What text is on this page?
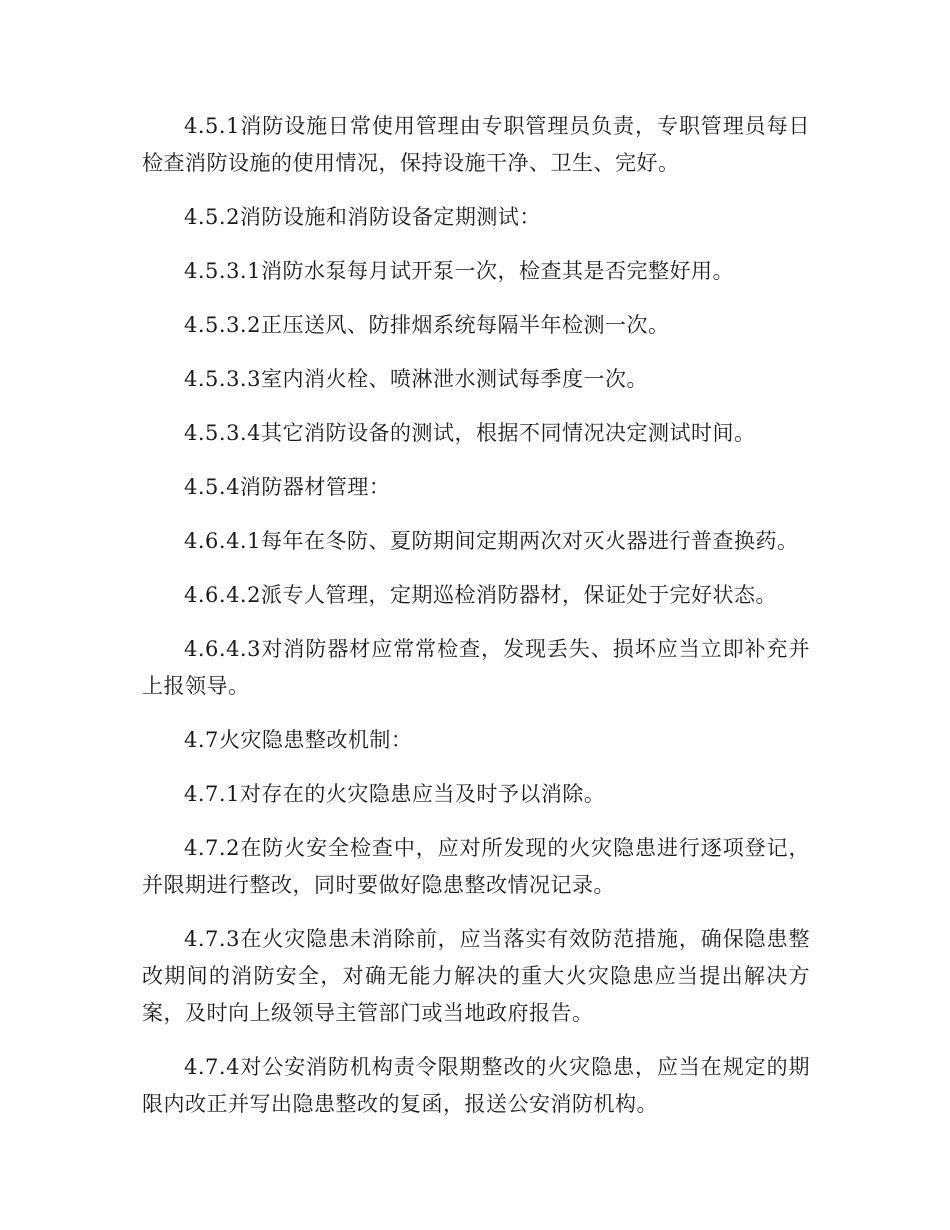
4.5.1消防设施日常使用管理由专职管理员负责，专职管理员每日检查消防设施的使用情况，保持设施干净、卫生、完好。

4.5.2消防设施和消防设备定期测试：

4.5.3.1消防水泵每月试开泵一次，检查其是否完整好用。

4.5.3.2正压送风、防排烟系统每隔半年检测一次。

4.5.3.3室内消火栓、喷淋泄水测试每季度一次。

4.5.3.4其它消防设备的测试，根据不同情况决定测试时间。

4.5.4消防器材管理：

4.6.4.1每年在冬防、夏防期间定期两次对灭火器进行普查换药。

4.6.4.2派专人管理，定期巡检消防器材，保证处于完好状态。

4.6.4.3对消防器材应常常检查，发现丢失、损坏应当立即补充并上报领导。

4.7火灾隐患整改机制：

4.7.1对存在的火灾隐患应当及时予以消除。

4.7.2在防火安全检查中，应对所发现的火灾隐患进行逐项登记，并限期进行整改，同时要做好隐患整改情况记录。

4.7.3在火灾隐患未消除前，应当落实有效防范措施，确保隐患整改期间的消防安全，对确无能力解决的重大火灾隐患应当提出解决方案，及时向上级领导主管部门或当地政府报告。

4.7.4对公安消防机构责令限期整改的火灾隐患，应当在规定的期限内改正并写出隐患整改的复函，报送公安消防机构。
